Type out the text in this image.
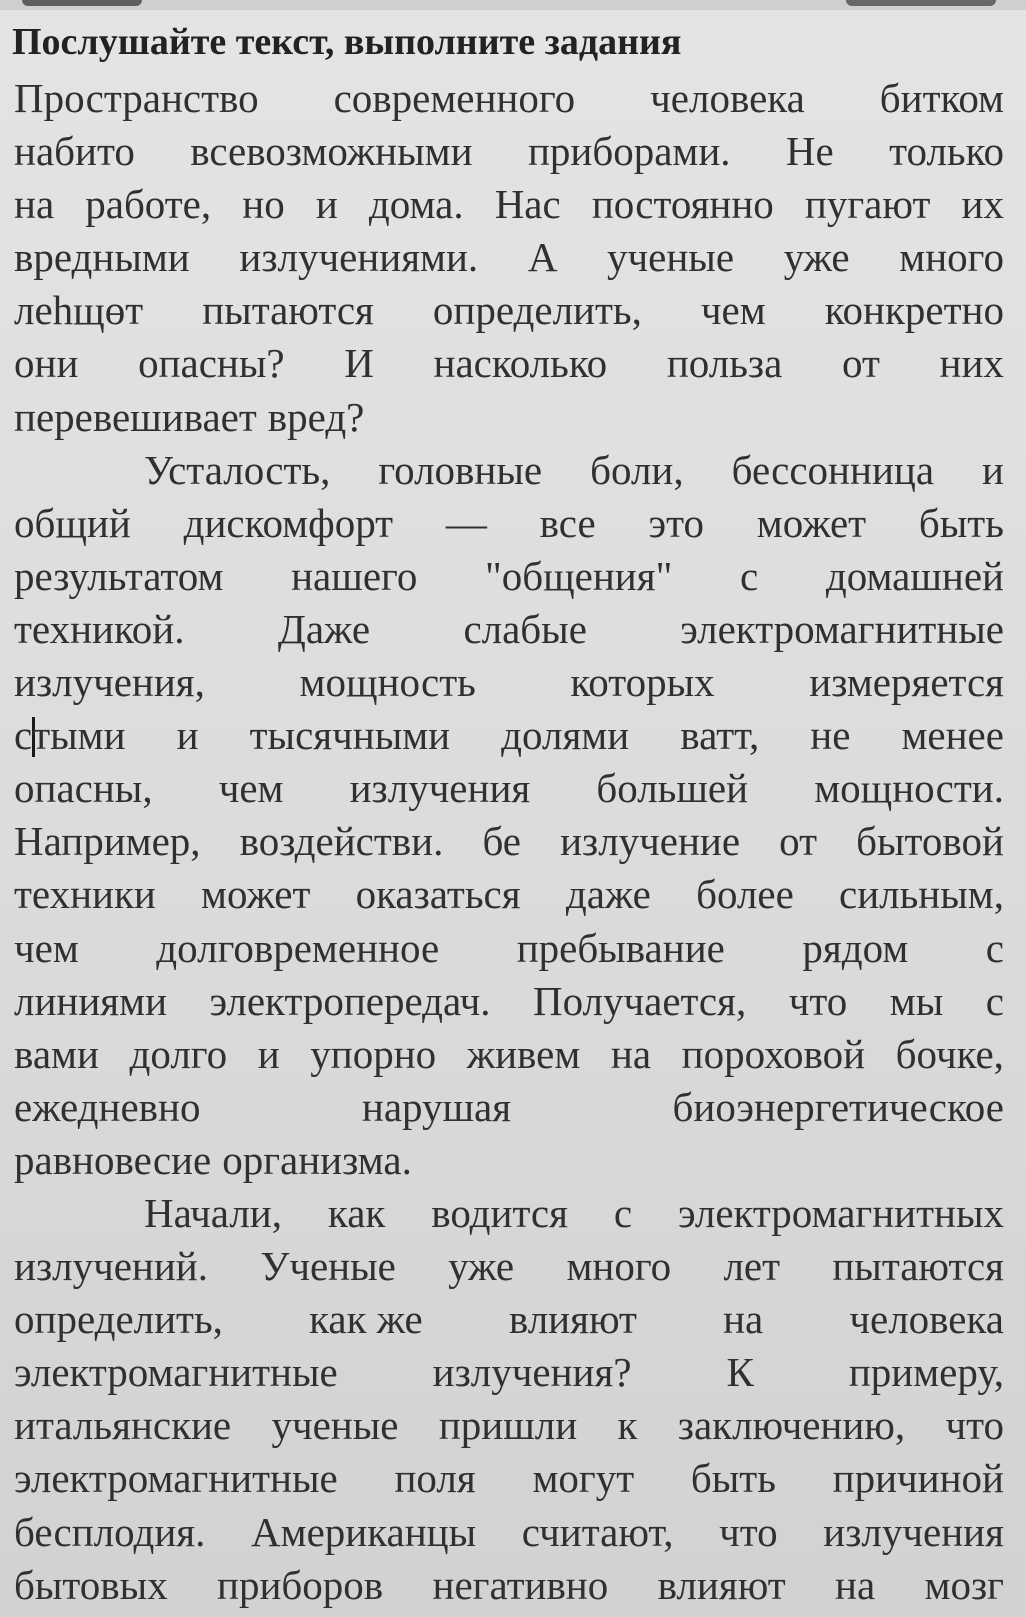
Послушайте текст, выполните задания
Пространство современного человека битком
набито всевозможными приборами. Не только
на работе, но и дома. Нас постоянно пугают их
вредными излучениями. А ученые уже много
леhщөт пытаются определить, чем конкретно
они опасны? И насколько польза от них
перевешивает вред?
Усталость, головные боли, бессонница и
общий дискомфорт — все это может быть
результатом нашего "общения" с домашней
техникой. Даже слабые электромагнитные
излучения, мощность которых измеряется
стыми и тысячными долями ватт, не менее
опасны, чем излучения большей мощности.
Например, воздействи. бе излучение от бытовой
техники может оказаться даже более сильным,
чем долговременное пребывание рядом с
линиями электропередач. Получается, что мы с
вами долго и упорно живем на пороховой бочке,
ежедневно	нарушая	биоэнергетическое
равновесие организма.
Начали, как водится с электромагнитных
излучений. Ученые уже много лет пытаются
определить, как же влияют на человека
электромагнитные излучения? К примеру,
итальянские ученые пришли к заключению, что
электромагнитные поля могут быть причиной
бесплодия. Американцы считают, что излучения
бытовых приборов негативно влияют на мозг
